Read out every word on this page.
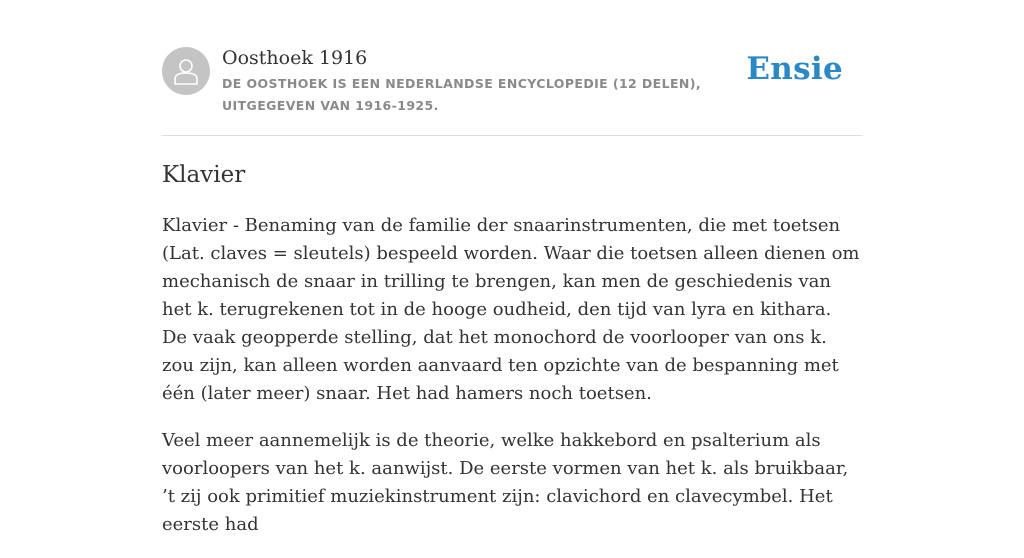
Oosthoek 1916

DE OOSTHOEK IS EEN NEDERLANDSE ENCYCLOPEDIE (12 DELEN), UITGEGEVEN VAN 1916-1925.

Ensie
Klavier

Klavier - Benaming van de familie der snaarinstrumenten, die met toetsen (Lat. claves = sleutels) bespeeld worden. Waar die toetsen alleen dienen om mechanisch de snaar in trilling te brengen, kan men de geschiedenis van het k. terugrekenen tot in de hooge oudheid, den tijd van lyra en kithara. De vaak geopperde stelling, dat het monochord de voorlooper van ons k. zou zijn, kan alleen worden aanvaard ten opzichte van de bespanning met één (later meer) snaar. Het had hamers noch toetsen.

Veel meer aannemelijk is de theorie, welke hakkebord en psalterium als voorloopers van het k. aanwijst. De eerste vormen van het k. als bruikbaar, ’t zij ook primitief muziekinstrument zijn: clavichord en clavecymbel. Het eerste had
